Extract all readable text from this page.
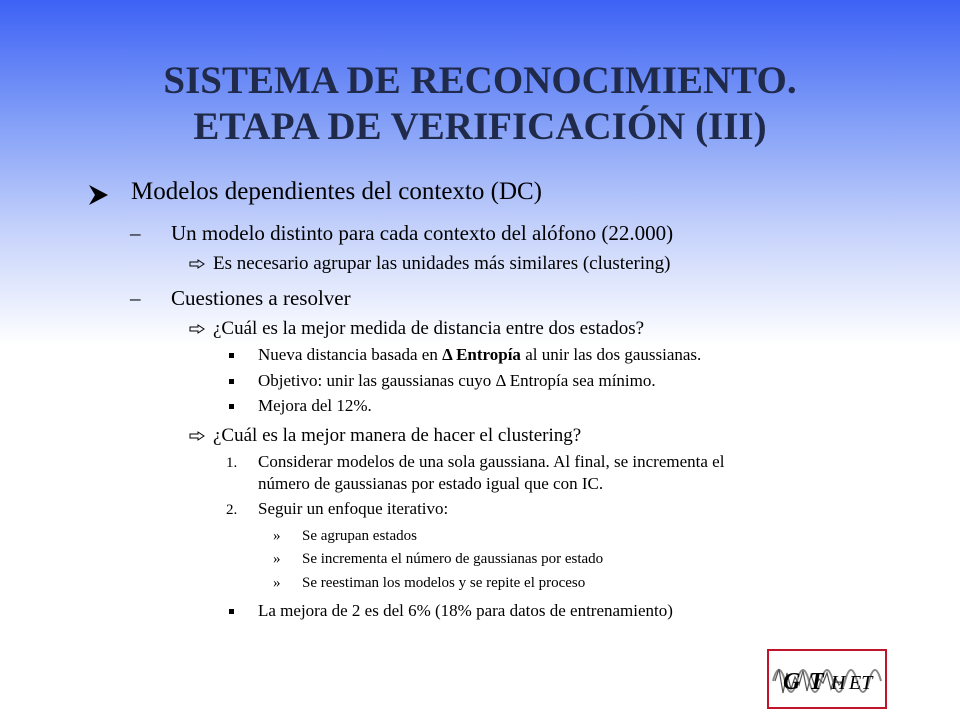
SISTEMA DE RECONOCIMIENTO.
ETAPA DE VERIFICACIÓN (III)
Modelos dependientes del contexto (DC)
– Un modelo distinto para cada contexto del alófono (22.000)
Es necesario agrupar las unidades más similares (clustering)
– Cuestiones a resolver
¿Cuál es la mejor medida de distancia entre dos estados?
Nueva distancia basada en Δ Entropía al unir las dos gaussianas.
Objetivo: unir las gaussianas cuyo Δ Entropía sea mínimo.
Mejora del 12%.
¿Cuál es la mejor manera de hacer el clustering?
1. Considerar modelos de una sola gaussiana. Al final, se incrementa el
número de gaussianas por estado igual que con IC.
2. Seguir un enfoque iterativo:
» Se agrupan estados
» Se incrementa el número de gaussianas por estado
» Se reestiman los modelos y se repite el proceso
La mejora de 2 es del 6% (18% para datos de entrenamiento)
G T H ET
